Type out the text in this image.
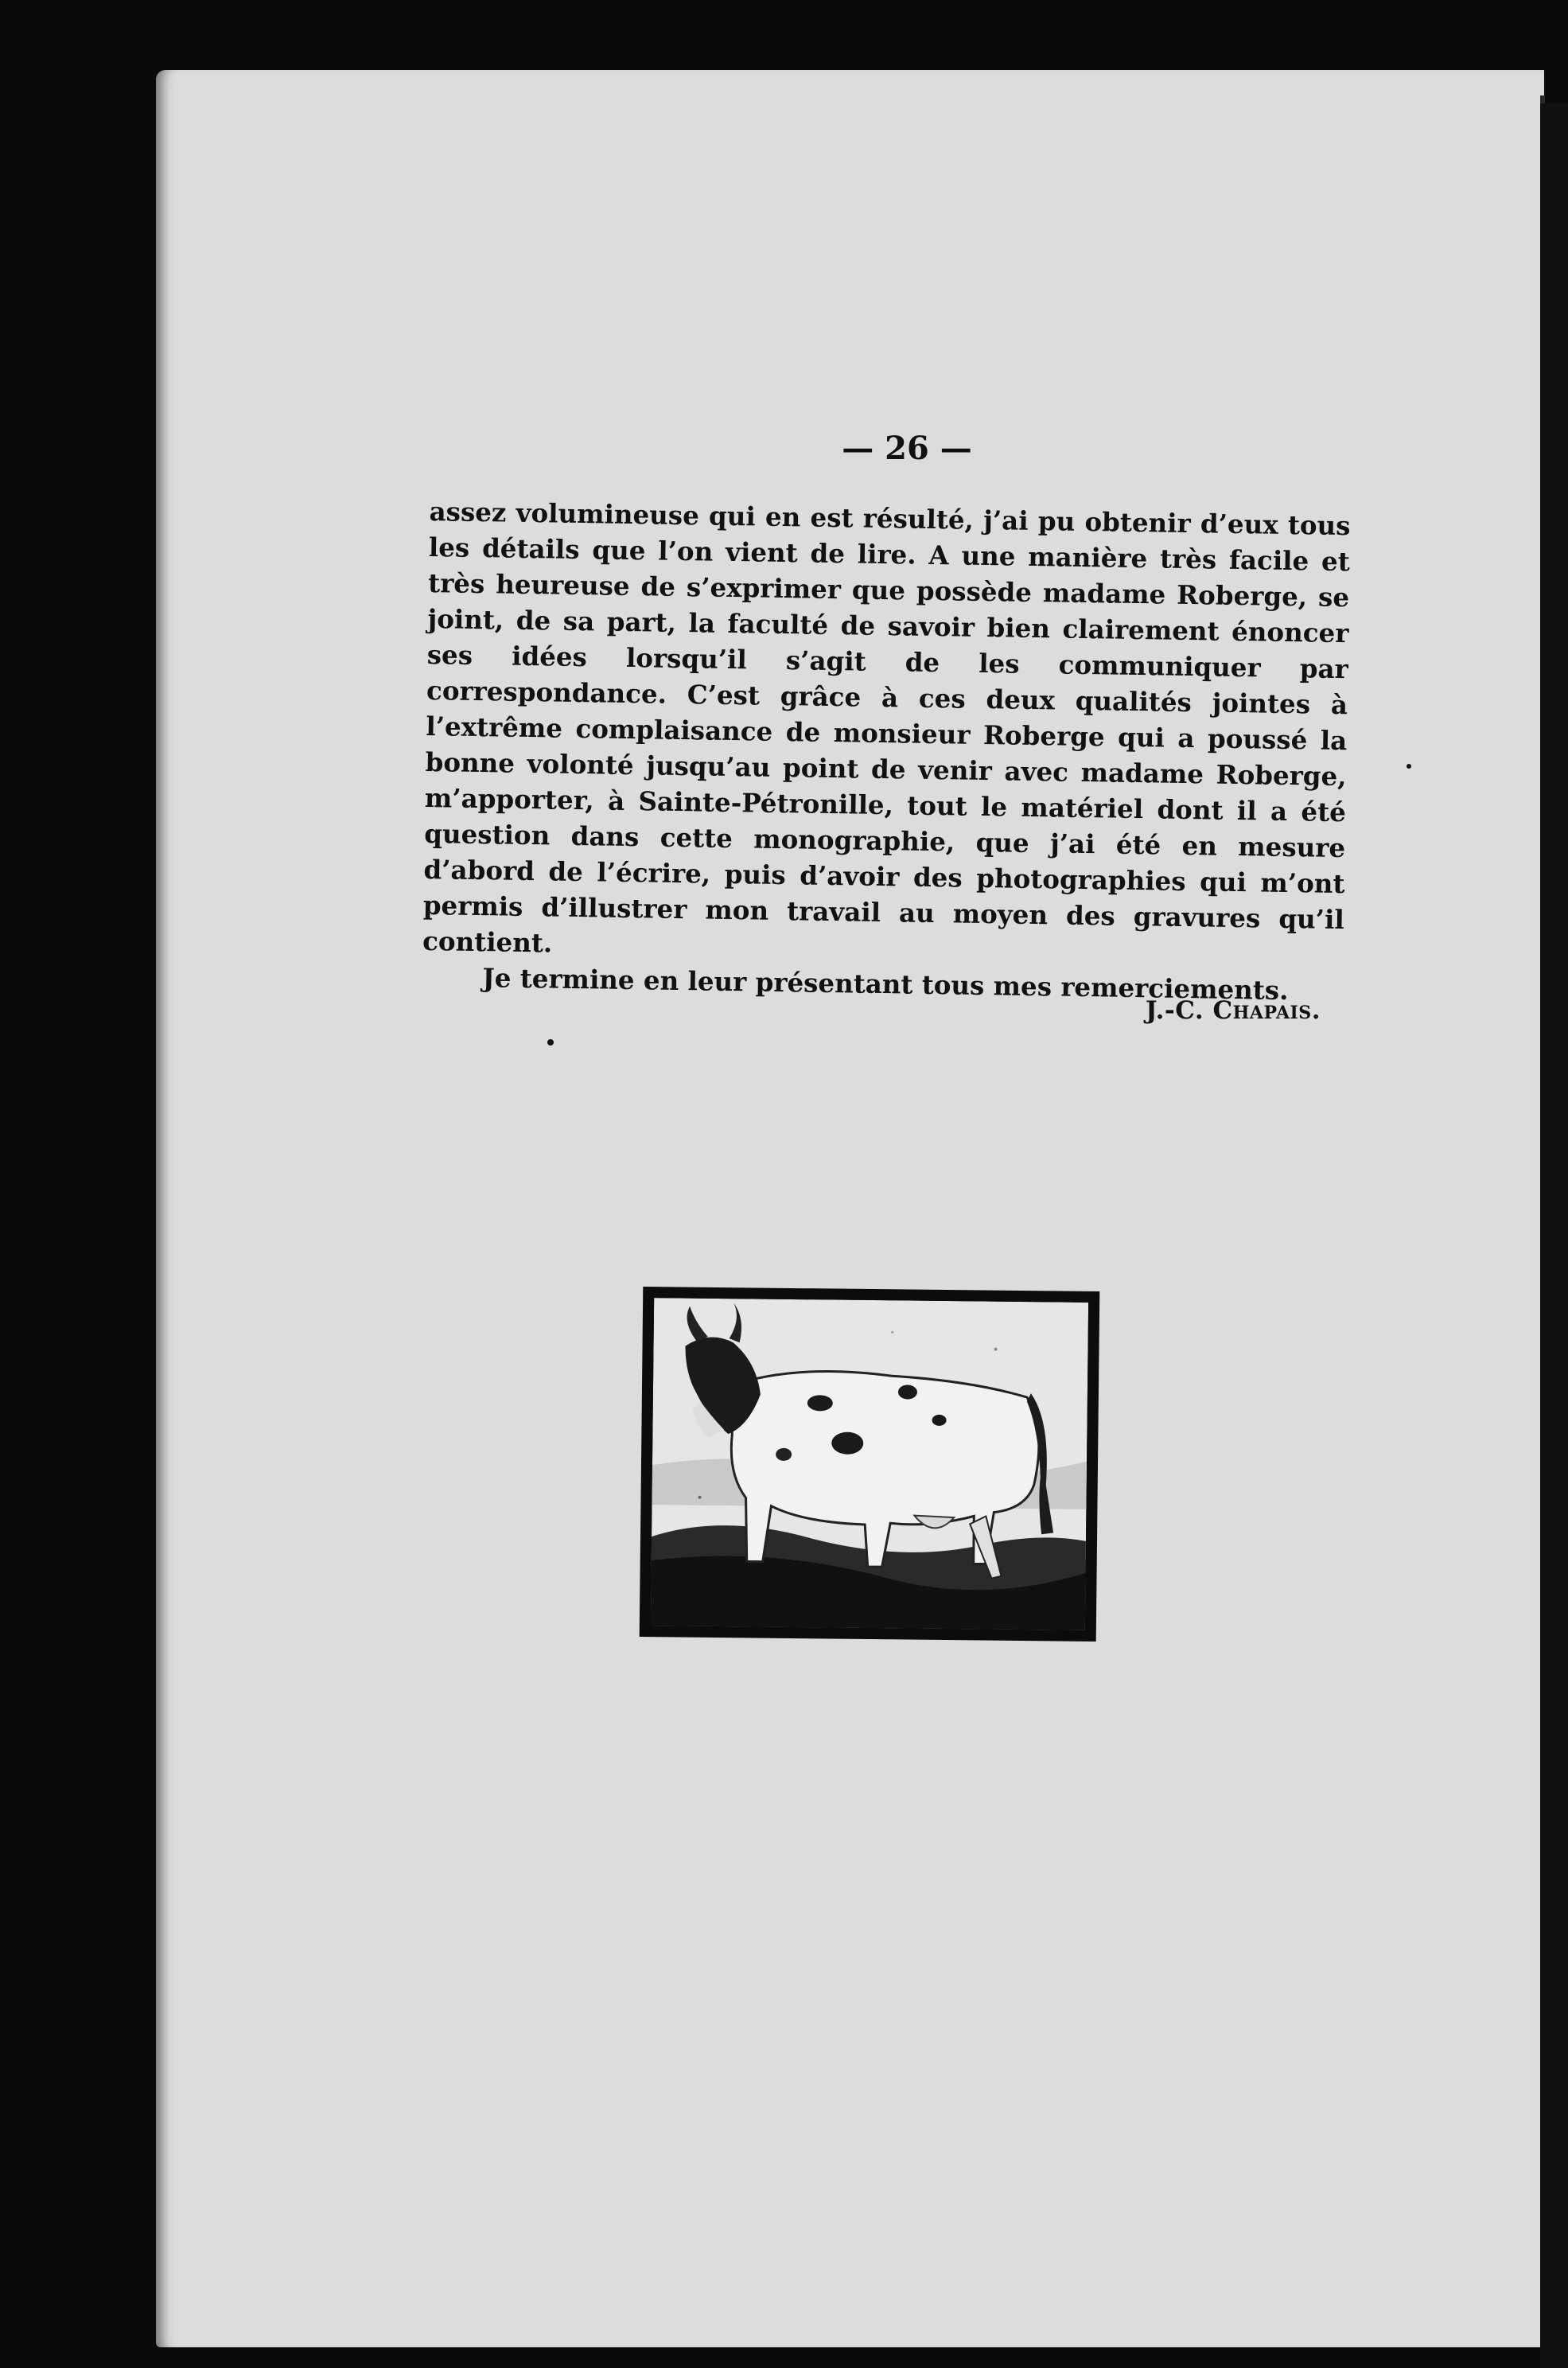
— 26 —

assez volumineuse qui en est résulté, j’ai pu obtenir d’eux tous les détails que l’on vient de lire. A une manière très facile et très heureuse de s’exprimer que possède madame Roberge, se joint, de sa part, la faculté de savoir bien clairement énoncer ses idées lorsqu’il s’agit de les communiquer par correspondance. C’est grâce à ces deux qualités jointes à l’extrême complaisance de monsieur Roberge qui a poussé la bonne volonté jusqu’au point de venir avec madame Roberge, m’apporter, à Sainte-Pétronille, tout le matériel dont il a été question dans cette monographie, que j’ai été en mesure d’abord de l’écrire, puis d’avoir des photographies qui m’ont permis d’illustrer mon travail au moyen des gravures qu’il contient.

Je termine en leur présentant tous mes remerciements.

J.-C. Chapais.
